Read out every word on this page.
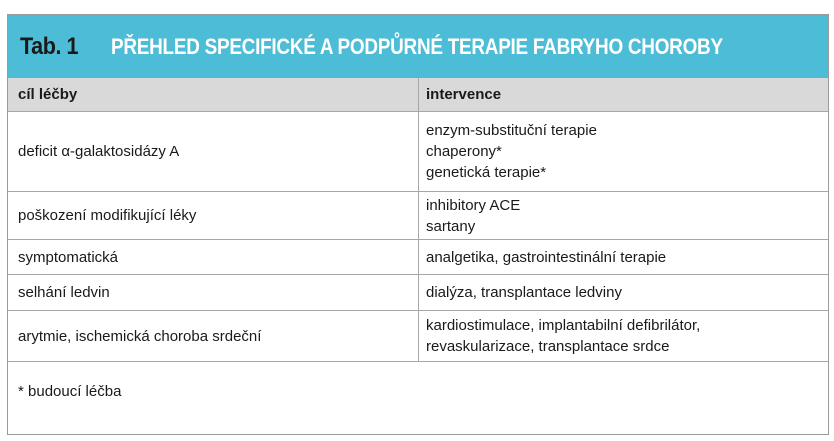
Tab. 1 PŘEHLED SPECIFICKÉ A PODPŮRNÉ TERAPIE FABRYHO CHOROBY
cíl léčby	intervence
deficit α-galaktosidázy A	enzym-substituční terapie
chaperony*
genetická terapie*

poškození modifikující léky	inhibitory ACE
sartany

symptomatická	analgetika, gastrointestinální terapie

selhání ledvin	dialýza, transplantace ledviny

arytmie, ischemická choroba srdeční	kardiostimulace, implantabilní defibrilátor,
revaskularizace, transplantace srdce
* budoucí léčba
